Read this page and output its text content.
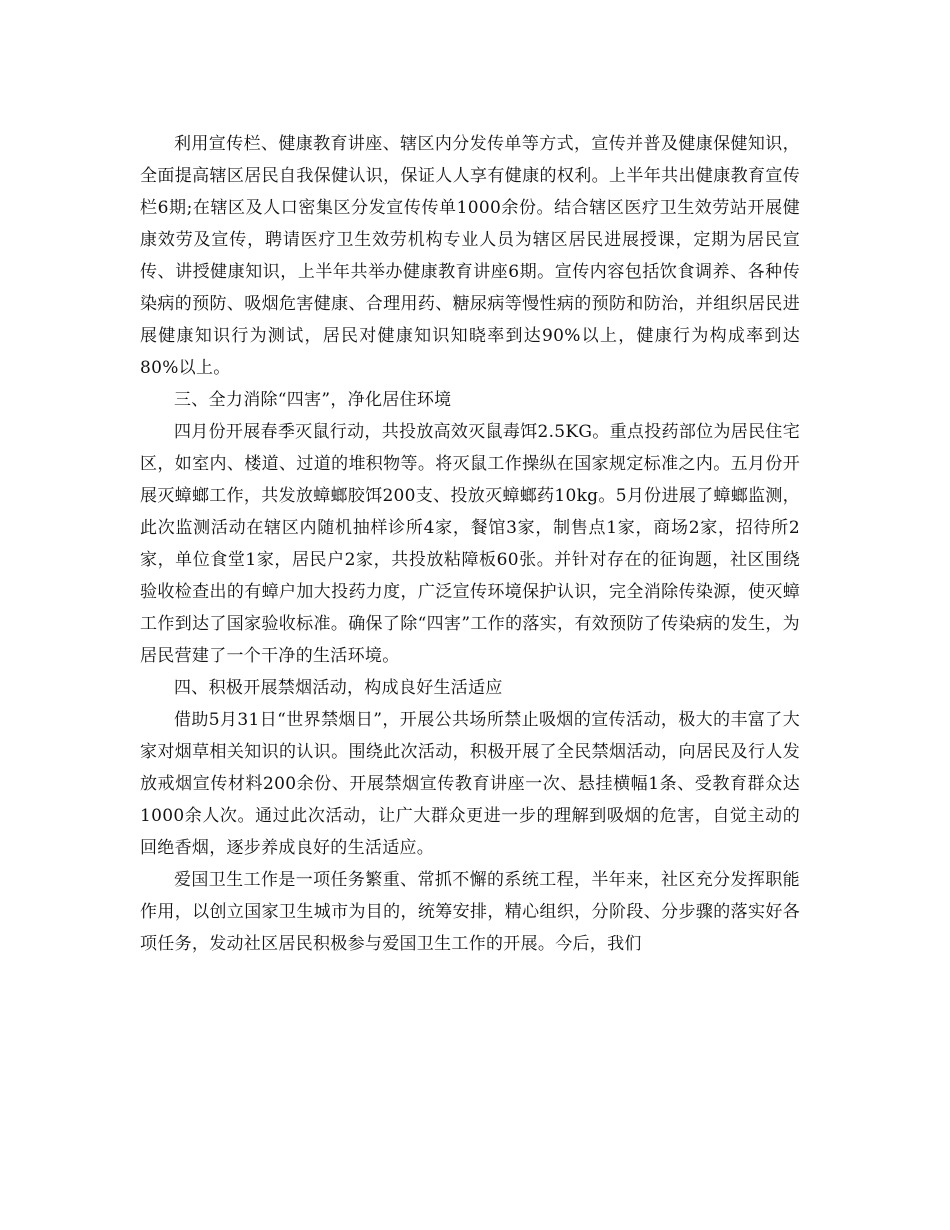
利用宣传栏、健康教育讲座、辖区内分发传单等方式，宣传并普及健康保健知识，全面提高辖区居民自我保健认识，保证人人享有健康的权利。上半年共出健康教育宣传栏6期;在辖区及人口密集区分发宣传传单1000余份。结合辖区医疗卫生效劳站开展健康效劳及宣传，聘请医疗卫生效劳机构专业人员为辖区居民进展授课，定期为居民宣传、讲授健康知识，上半年共举办健康教育讲座6期。宣传内容包括饮食调养、各种传染病的预防、吸烟危害健康、合理用药、糖尿病等慢性病的预防和防治，并组织居民进展健康知识行为测试，居民对健康知识知晓率到达90%以上，健康行为构成率到达80%以上。

三、全力消除“四害”，净化居住环境

四月份开展春季灭鼠行动，共投放高效灭鼠毒饵2.5KG。重点投药部位为居民住宅区，如室内、楼道、过道的堆积物等。将灭鼠工作操纵在国家规定标准之内。五月份开展灭蟑螂工作，共发放蟑螂胶饵200支、投放灭蟑螂药10kg。5月份进展了蟑螂监测，此次监测活动在辖区内随机抽样诊所4家，餐馆3家，制售点1家，商场2家，招待所2家，单位食堂1家，居民户2家，共投放粘障板60张。并针对存在的征询题，社区围绕验收检查出的有蟑户加大投药力度，广泛宣传环境保护认识，完全消除传染源，使灭蟑工作到达了国家验收标准。确保了除“四害”工作的落实，有效预防了传染病的发生，为居民营建了一个干净的生活环境。

四、积极开展禁烟活动，构成良好生活适应

借助5月31日“世界禁烟日”，开展公共场所禁止吸烟的宣传活动，极大的丰富了大家对烟草相关知识的认识。围绕此次活动，积极开展了全民禁烟活动，向居民及行人发放戒烟宣传材料200余份、开展禁烟宣传教育讲座一次、悬挂横幅1条、受教育群众达1000余人次。通过此次活动，让广大群众更进一步的理解到吸烟的危害，自觉主动的回绝香烟，逐步养成良好的生活适应。

爱国卫生工作是一项任务繁重、常抓不懈的系统工程，半年来，社区充分发挥职能作用，以创立国家卫生城市为目的，统筹安排，精心组织，分阶段、分步骤的落实好各项任务，发动社区居民积极参与爱国卫生工作的开展。今后，我们
